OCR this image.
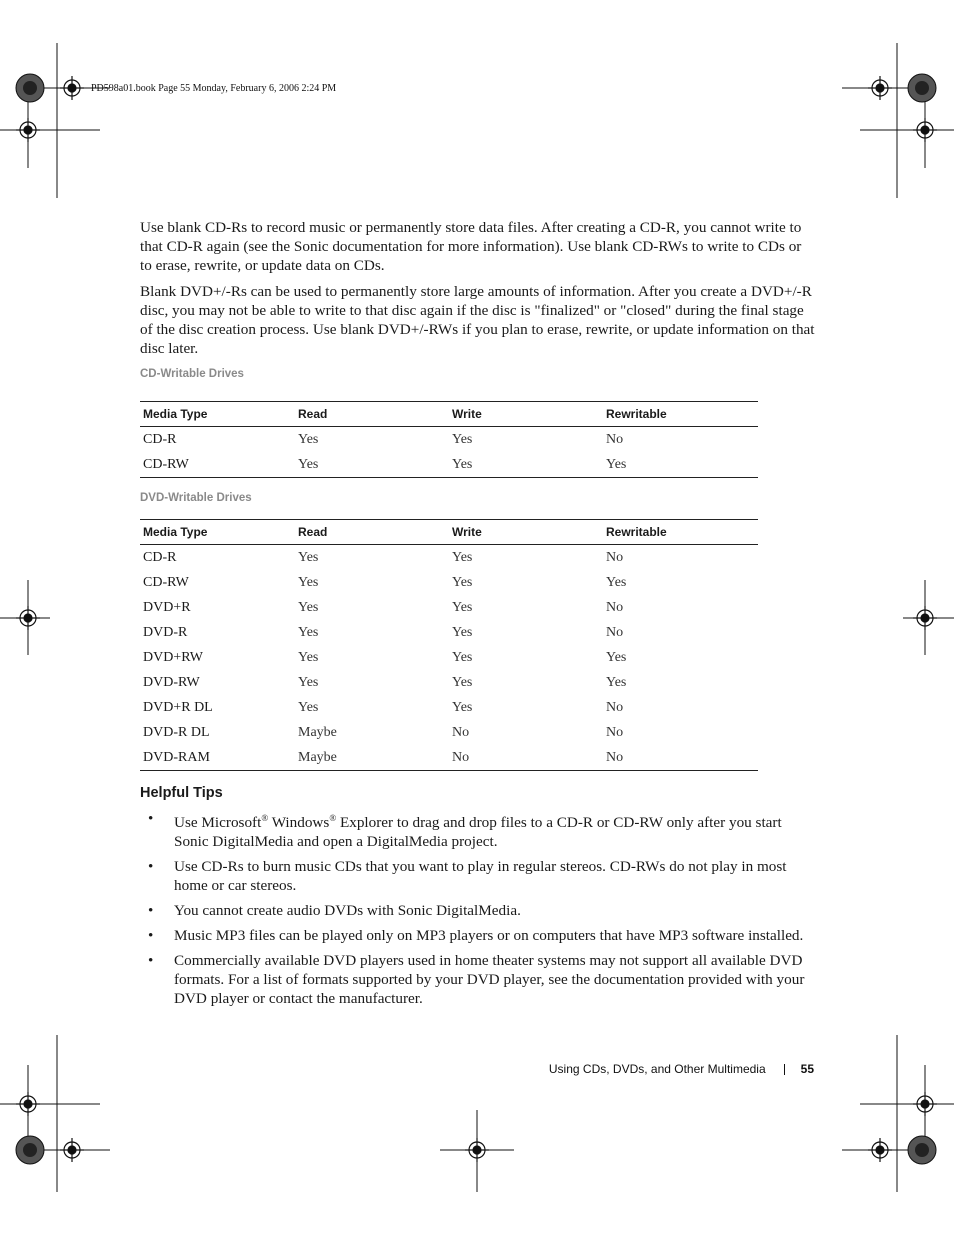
PD598a01.book Page 55 Monday, February 6, 2006 2:24 PM

Use blank CD-Rs to record music or permanently store data files. After creating a CD-R, you cannot write to that CD-R again (see the Sonic documentation for more information). Use blank CD-RWs to write to CDs or to erase, rewrite, or update data on CDs.

Blank DVD+/-Rs can be used to permanently store large amounts of information. After you create a DVD+/-R disc, you may not be able to write to that disc again if the disc is "finalized" or "closed" during the final stage of the disc creation process. Use blank DVD+/-RWs if you plan to erase, rewrite, or update information on that disc later.

CD-Writable Drives
Media Type	Read	Write	Rewritable
CD-R	Yes	Yes	No
CD-RW	Yes	Yes	Yes
DVD-Writable Drives
Media Type	Read	Write	Rewritable
CD-R	Yes	Yes	No
CD-RW	Yes	Yes	Yes
DVD+R	Yes	Yes	No
DVD-R	Yes	Yes	No
DVD+RW	Yes	Yes	Yes
DVD-RW	Yes	Yes	Yes
DVD+R DL	Yes	Yes	No
DVD-R DL	Maybe	No	No
DVD-RAM	Maybe	No	No
Helpful Tips
• Use Microsoft® Windows® Explorer to drag and drop files to a CD-R or CD-RW only after you start Sonic DigitalMedia and open a DigitalMedia project.
• Use CD-Rs to burn music CDs that you want to play in regular stereos. CD-RWs do not play in most home or car stereos.
• You cannot create audio DVDs with Sonic DigitalMedia.
• Music MP3 files can be played only on MP3 players or on computers that have MP3 software installed.
• Commercially available DVD players used in home theater systems may not support all available DVD formats. For a list of formats supported by your DVD player, see the documentation provided with your DVD player or contact the manufacturer.
Using CDs, DVDs, and Other Multimedia	55
